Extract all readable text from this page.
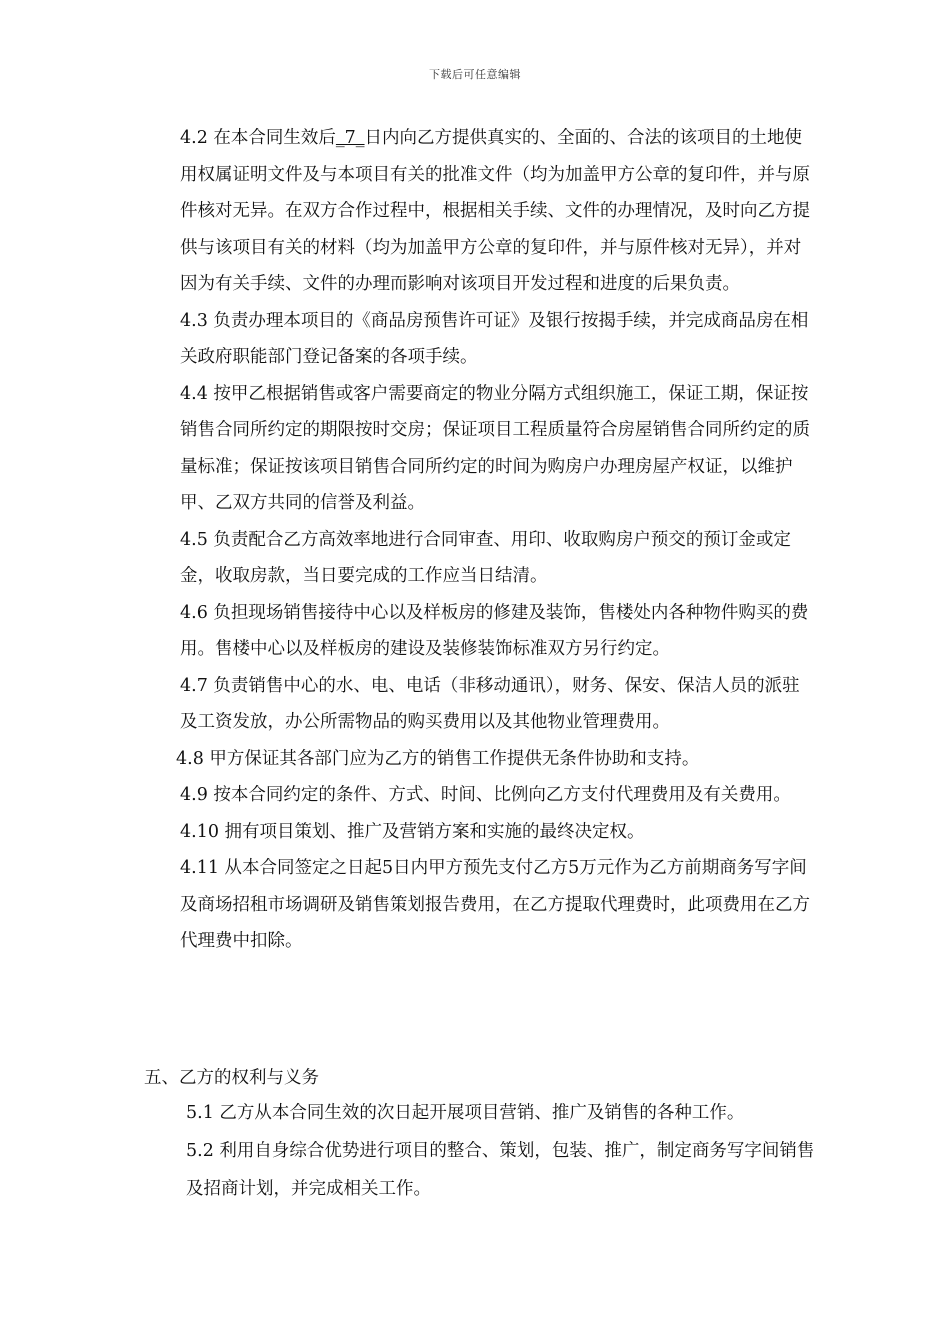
下载后可任意编辑

4.2 在本合同生效后_7_日内向乙方提供真实的、全面的、合法的该项目的土地使用权属证明文件及与本项目有关的批准文件（均为加盖甲方公章的复印件，并与原件核对无异。在双方合作过程中，根据相关手续、文件的办理情况，及时向乙方提供与该项目有关的材料（均为加盖甲方公章的复印件，并与原件核对无异），并对因为有关手续、文件的办理而影响对该项目开发过程和进度的后果负责。

4.3 负责办理本项目的《商品房预售许可证》及银行按揭手续，并完成商品房在相关政府职能部门登记备案的各项手续。

4.4 按甲乙根据销售或客户需要商定的物业分隔方式组织施工，保证工期，保证按销售合同所约定的期限按时交房；保证项目工程质量符合房屋销售合同所约定的质量标准；保证按该项目销售合同所约定的时间为购房户办理房屋产权证，以维护甲、乙双方共同的信誉及利益。

4.5 负责配合乙方高效率地进行合同审查、用印、收取购房户预交的预订金或定金，收取房款，当日要完成的工作应当日结清。

4.6 负担现场销售接待中心以及样板房的修建及装饰，售楼处内各种物件购买的费用。售楼中心以及样板房的建设及装修装饰标准双方另行约定。

4.7 负责销售中心的水、电、电话（非移动通讯），财务、保安、保洁人员的派驻及工资发放，办公所需物品的购买费用以及其他物业管理费用。

4.8 甲方保证其各部门应为乙方的销售工作提供无条件协助和支持。

4.9 按本合同约定的条件、方式、时间、比例向乙方支付代理费用及有关费用。

4.10 拥有项目策划、推广及营销方案和实施的最终决定权。

4.11 从本合同签定之日起5日内甲方预先支付乙方5万元作为乙方前期商务写字间及商场招租市场调研及销售策划报告费用，在乙方提取代理费时，此项费用在乙方代理费中扣除。

五、乙方的权利与义务

5.1 乙方从本合同生效的次日起开展项目营销、推广及销售的各种工作。

5.2 利用自身综合优势进行项目的整合、策划，包装、推广，制定商务写字间销售及招商计划，并完成相关工作。
